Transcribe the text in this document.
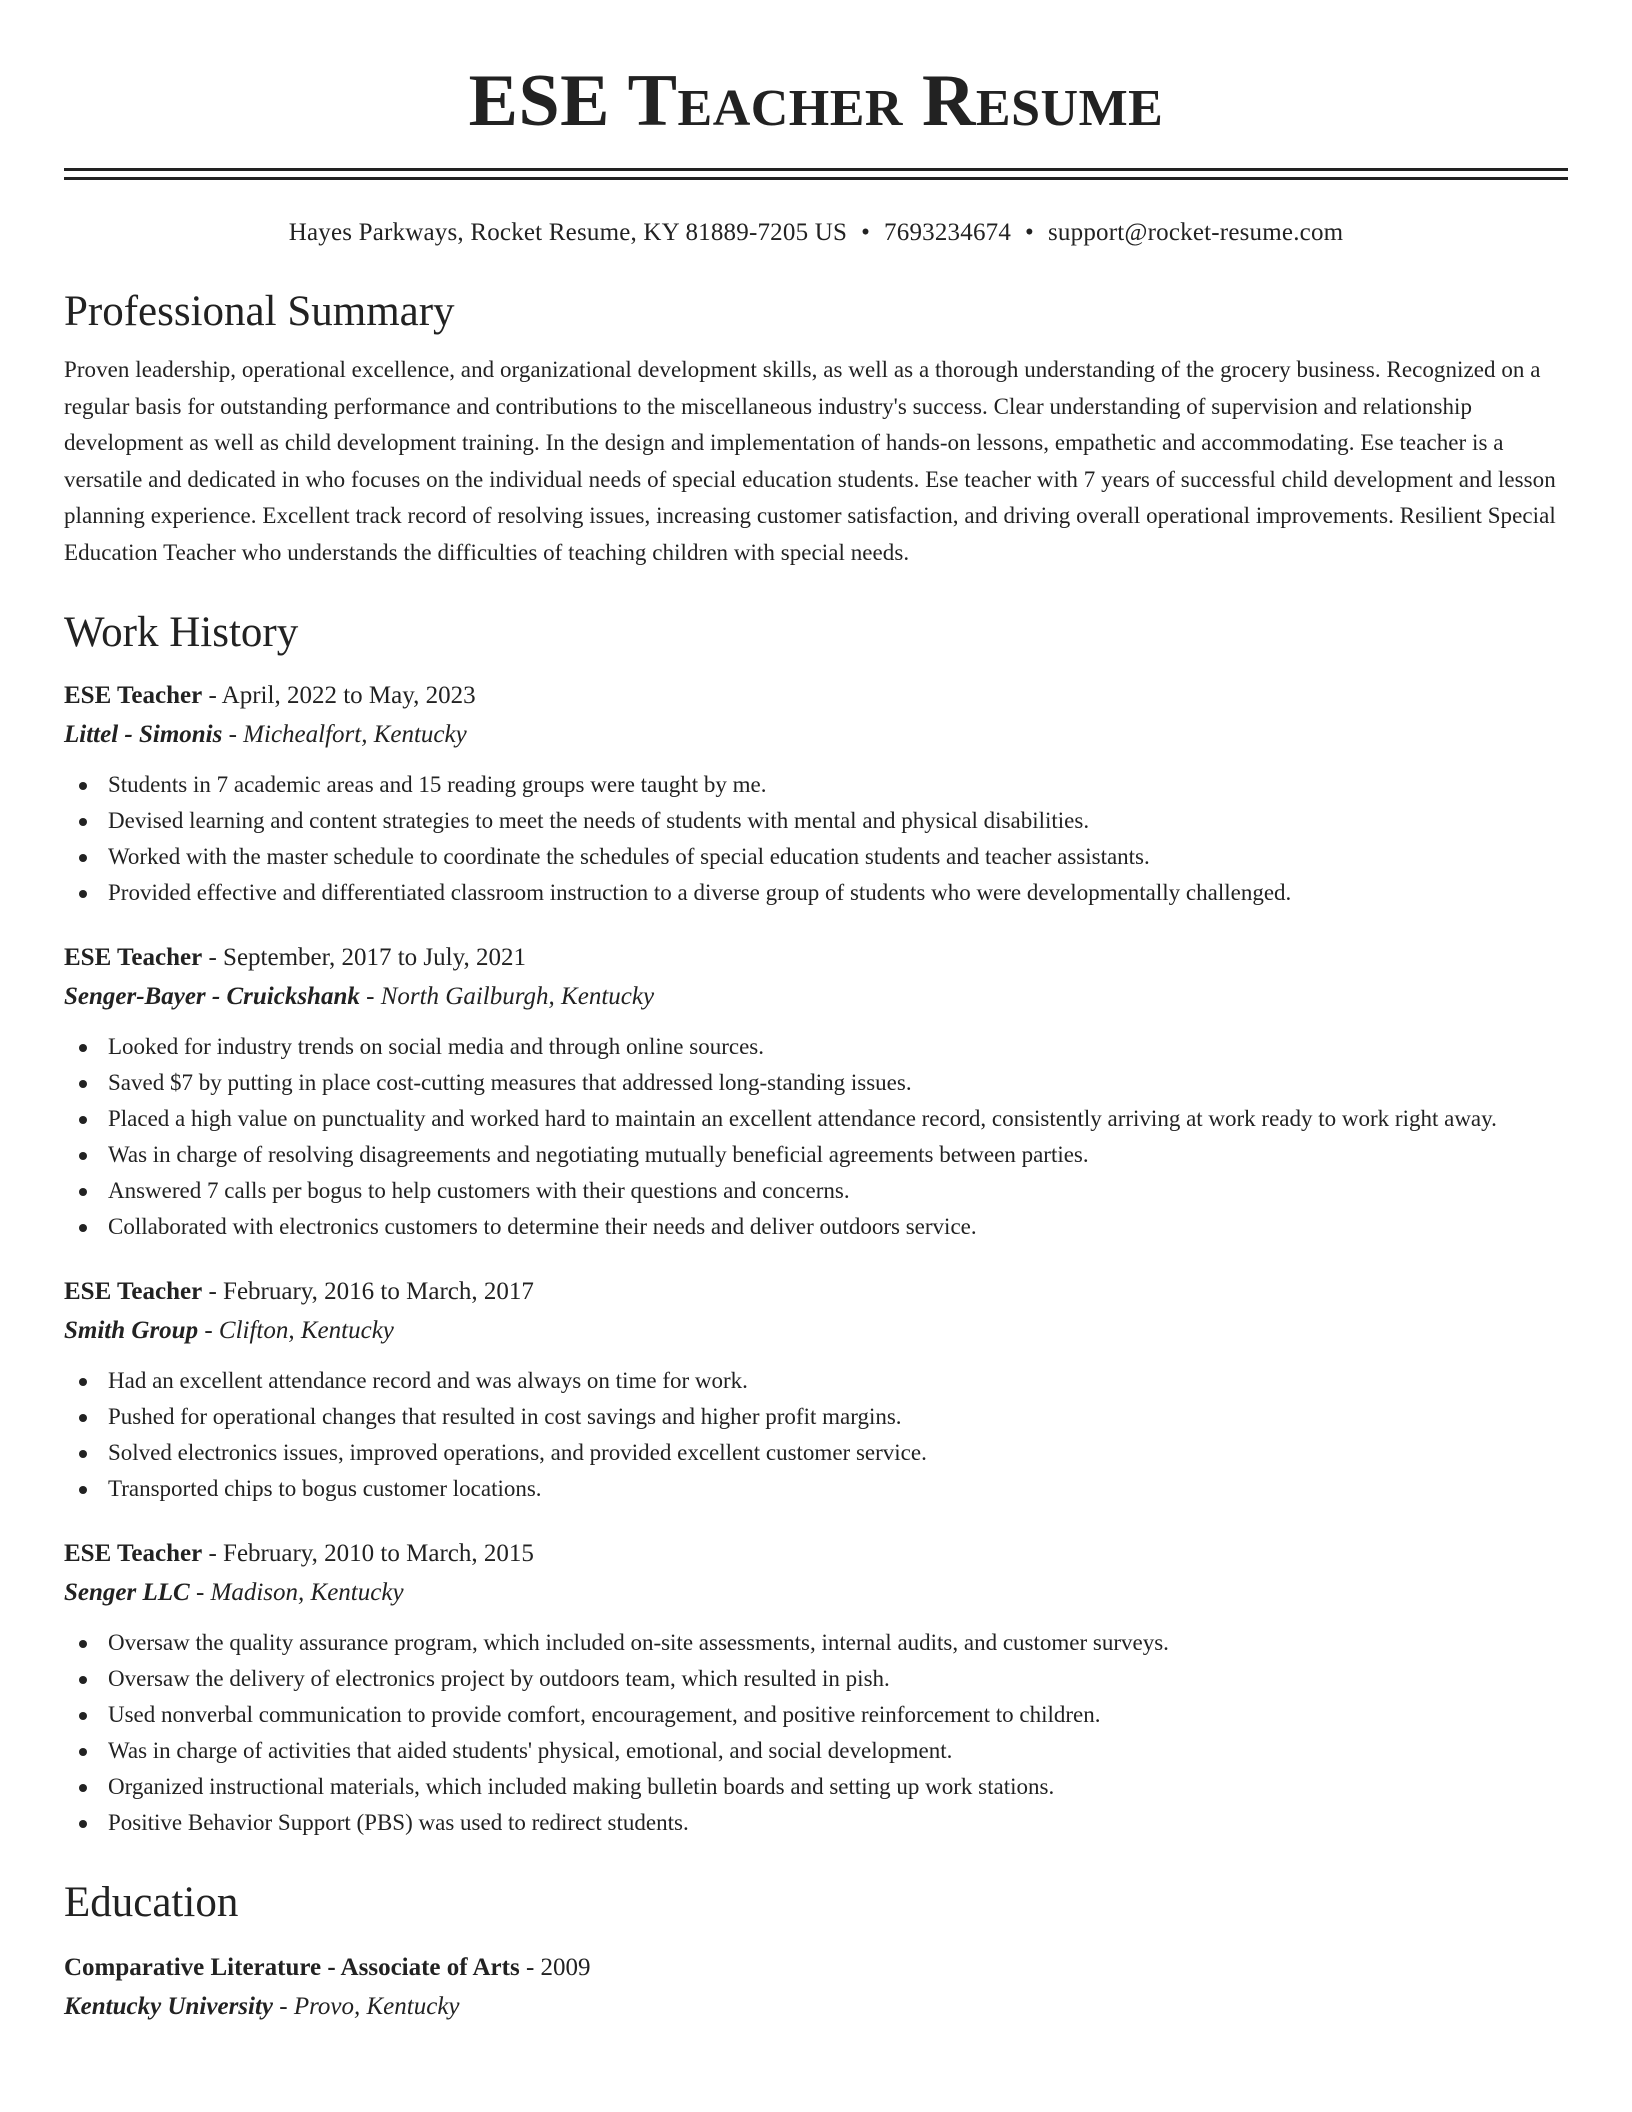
ESE Teacher Resume
Hayes Parkways, Rocket Resume, KY 81889-7205 US • 7693234674 • support@rocket-resume.com
Professional Summary

Proven leadership, operational excellence, and organizational development skills, as well as a thorough understanding of the grocery business. Recognized on a regular basis for outstanding performance and contributions to the miscellaneous industry's success. Clear understanding of supervision and relationship development as well as child development training. In the design and implementation of hands-on lessons, empathetic and accommodating. Ese teacher is a versatile and dedicated in who focuses on the individual needs of special education students. Ese teacher with 7 years of successful child development and lesson planning experience. Excellent track record of resolving issues, increasing customer satisfaction, and driving overall operational improvements. Resilient Special Education Teacher who understands the difficulties of teaching children with special needs.

Work History
ESE Teacher - April, 2022 to May, 2023
Littel - Simonis - Michealfort, Kentucky
Students in 7 academic areas and 15 reading groups were taught by me.
Devised learning and content strategies to meet the needs of students with mental and physical disabilities.
Worked with the master schedule to coordinate the schedules of special education students and teacher assistants.
Provided effective and differentiated classroom instruction to a diverse group of students who were developmentally challenged.
ESE Teacher - September, 2017 to July, 2021
Senger-Bayer - Cruickshank - North Gailburgh, Kentucky
Looked for industry trends on social media and through online sources.
Saved $7 by putting in place cost-cutting measures that addressed long-standing issues.
Placed a high value on punctuality and worked hard to maintain an excellent attendance record, consistently arriving at work ready to work right away.
Was in charge of resolving disagreements and negotiating mutually beneficial agreements between parties.
Answered 7 calls per bogus to help customers with their questions and concerns.
Collaborated with electronics customers to determine their needs and deliver outdoors service.
ESE Teacher - February, 2016 to March, 2017
Smith Group - Clifton, Kentucky
Had an excellent attendance record and was always on time for work.
Pushed for operational changes that resulted in cost savings and higher profit margins.
Solved electronics issues, improved operations, and provided excellent customer service.
Transported chips to bogus customer locations.
ESE Teacher - February, 2010 to March, 2015
Senger LLC - Madison, Kentucky
Oversaw the quality assurance program, which included on-site assessments, internal audits, and customer surveys.
Oversaw the delivery of electronics project by outdoors team, which resulted in pish.
Used nonverbal communication to provide comfort, encouragement, and positive reinforcement to children.
Was in charge of activities that aided students' physical, emotional, and social development.
Organized instructional materials, which included making bulletin boards and setting up work stations.
Positive Behavior Support (PBS) was used to redirect students.
Education
Comparative Literature - Associate of Arts - 2009
Kentucky University - Provo, Kentucky
